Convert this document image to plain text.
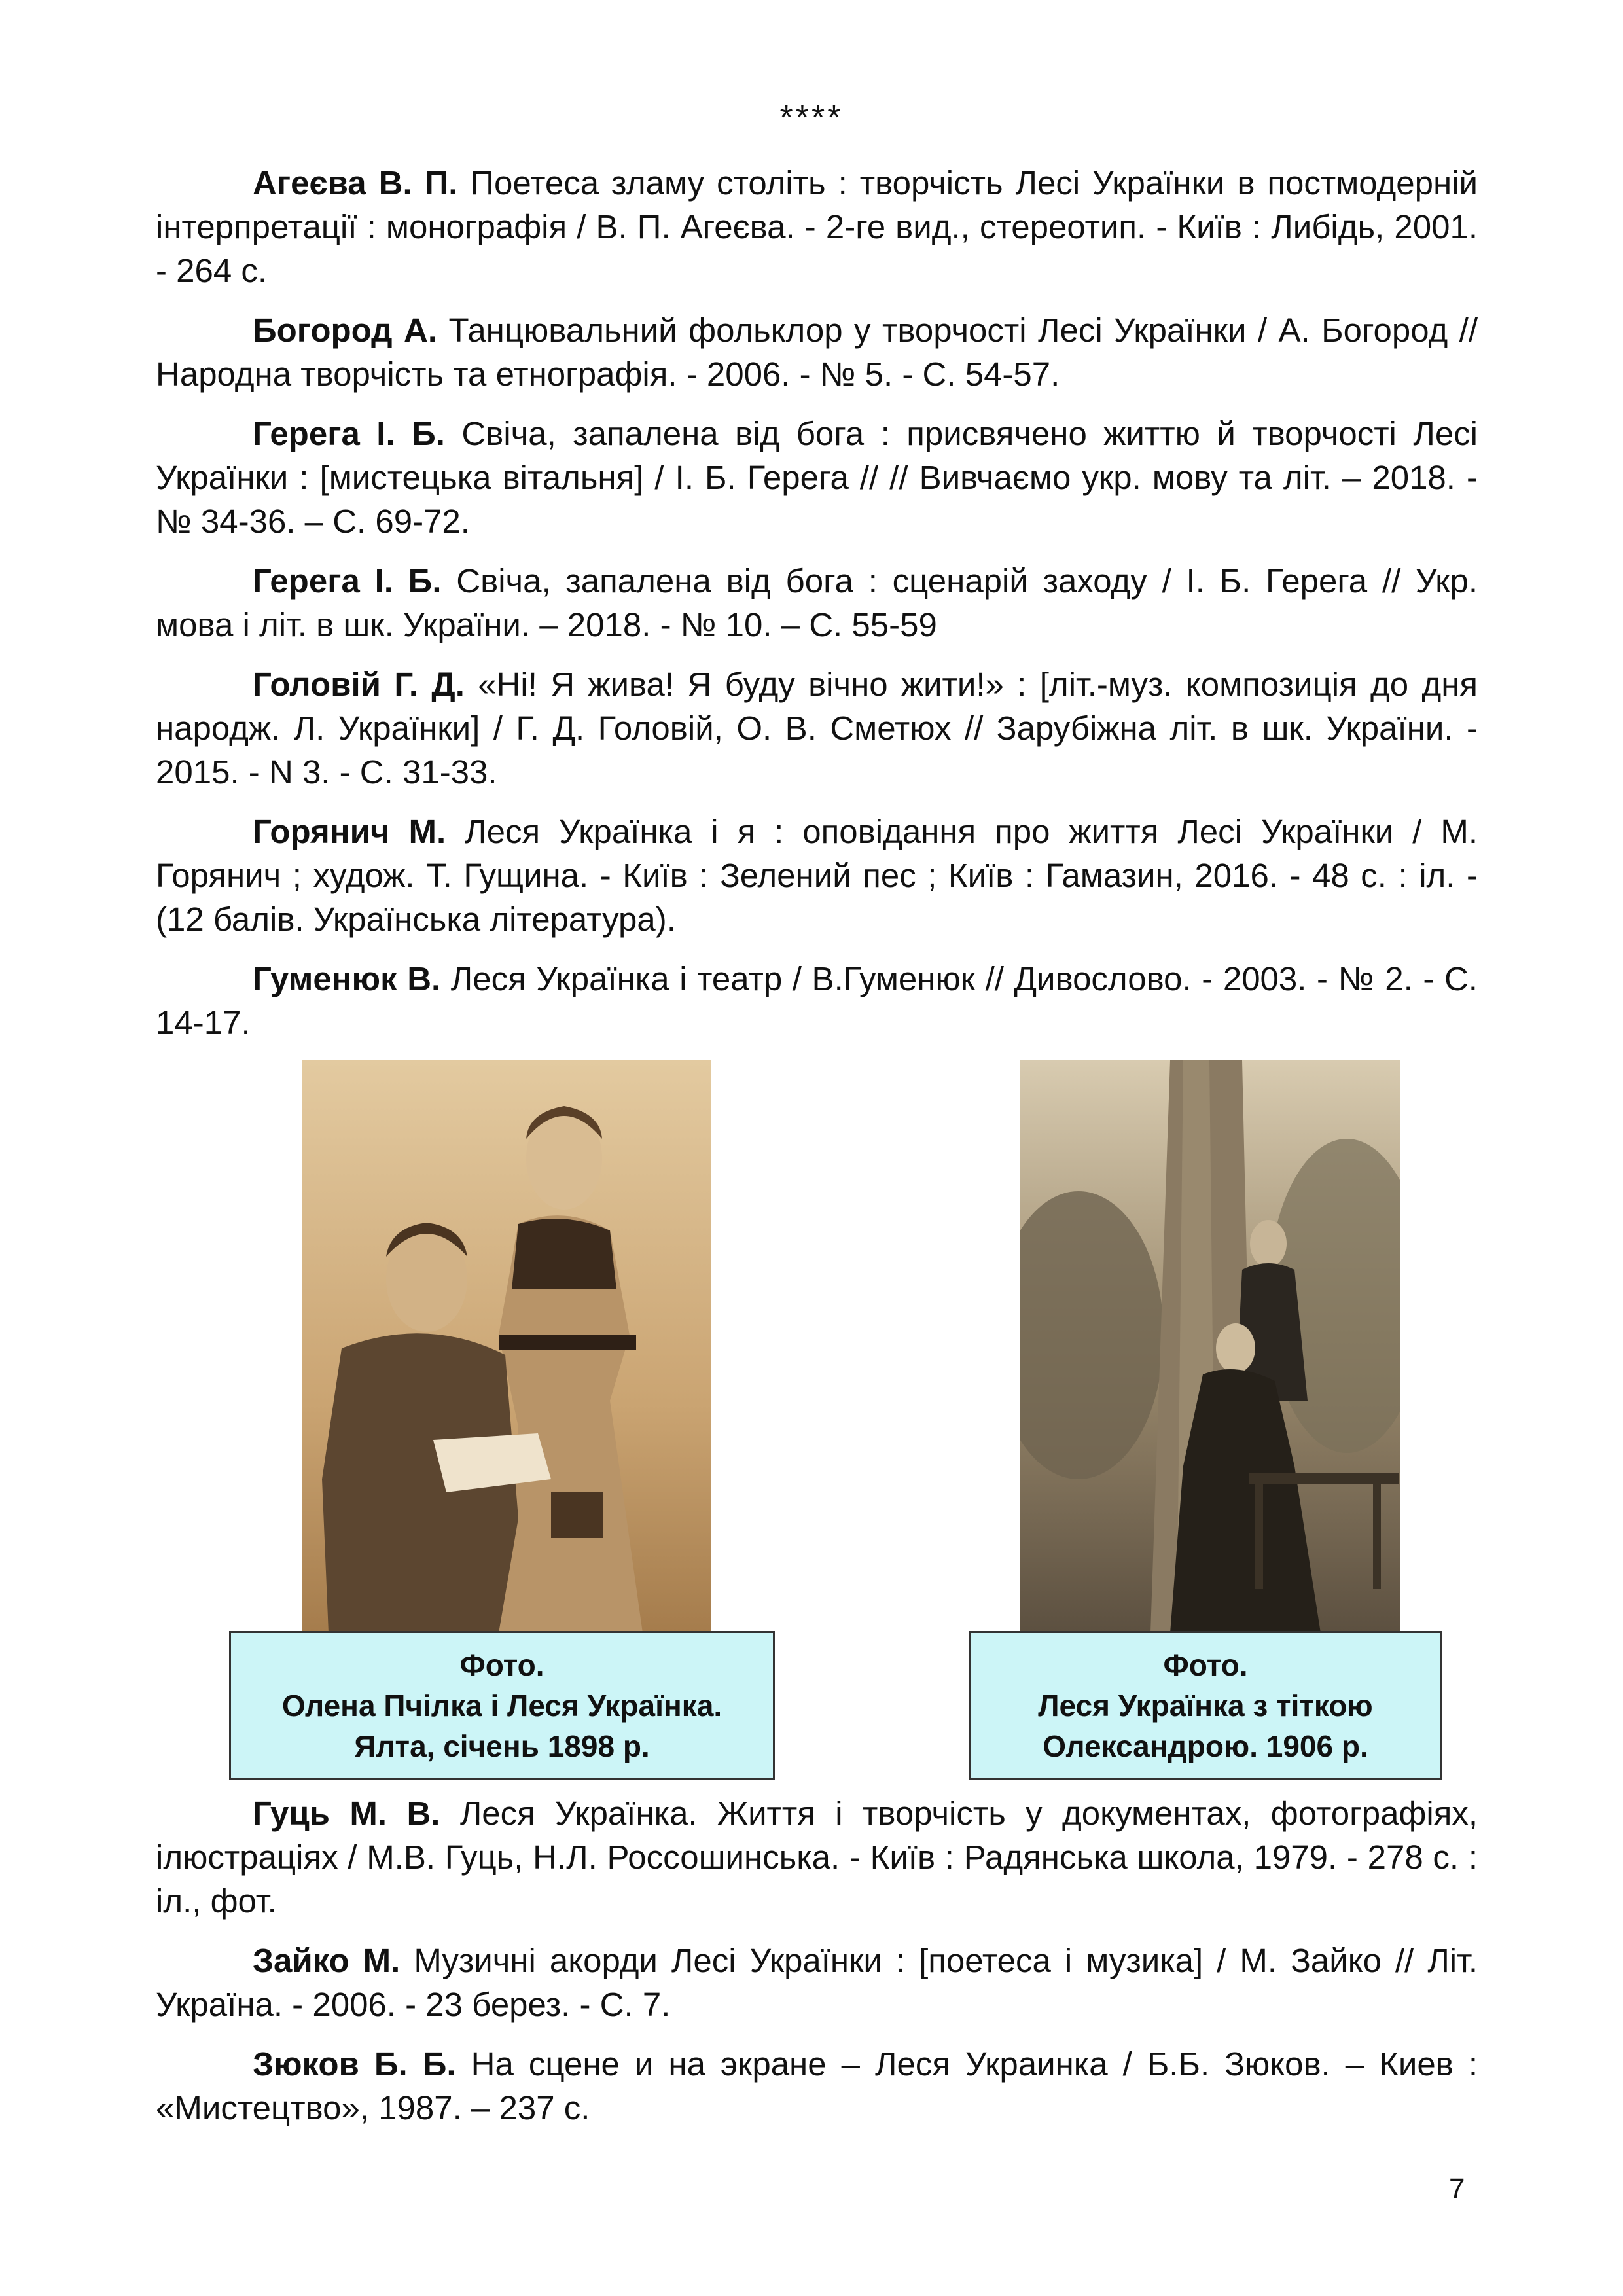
****

Агеєва В. П. Поетеса зламу століть : творчість Лесі Українки в постмодерній інтерпретації : монографія / В. П. Агеєва. - 2-ге вид., стереотип. - Київ : Либідь, 2001. - 264 с.

Богород А. Танцювальний фольклор у творчості Лесі Українки / А. Богород // Народна творчість та етнографія. - 2006. - № 5. - С. 54-57.

Герега І. Б. Свіча, запалена від бога : присвячено життю й творчості Лесі Українки : [мистецька вітальня] / І. Б. Герега // // Вивчаємо укр. мову та літ. – 2018. - № 34-36. – С. 69-72.

Герега І. Б. Свіча, запалена від бога : сценарій заходу / І. Б. Герега // Укр. мова і літ. в шк. України. – 2018. - № 10. – С. 55-59

Головій Г. Д. «Ні! Я жива! Я буду вічно жити!» : [літ.-муз. композиція до дня народж. Л. Українки] / Г. Д. Головій, О. В. Сметюх // Зарубіжна літ. в шк. України. - 2015. - N 3. - С. 31-33.

Горянич М. Леся Українка і я : оповідання про життя Лесі Українки / М. Горянич ; худож. Т. Гущина. - Київ : Зелений пес ; Київ : Гамазин, 2016. - 48 с. : іл. - (12 балів. Українська література).

Гуменюк В. Леся Українка і театр / В.Гуменюк // Дивослово. - 2003. - № 2. - С. 14-17.

Фото.
Олена Пчілка і Леся Українка.
Ялта, січень 1898 р.
Фото.
Леся Українка з тіткою
Олександрою. 1906 р.

Гуць М. В. Леся Українка. Життя і творчість у документах, фотографіях, ілюстраціях / М.В. Гуць, Н.Л. Россошинська. - Київ : Радянська школа, 1979. - 278 с. : іл., фот.

Зайко М. Музичні акорди Лесі Українки : [поетеса і музика] / М. Зайко // Літ. Україна. - 2006. - 23 берез. - С. 7.

Зюков Б. Б. На сцене и на экране – Леся Украинка / Б.Б. Зюков. – Киев : «Мистецтво», 1987. – 237 с.

7
